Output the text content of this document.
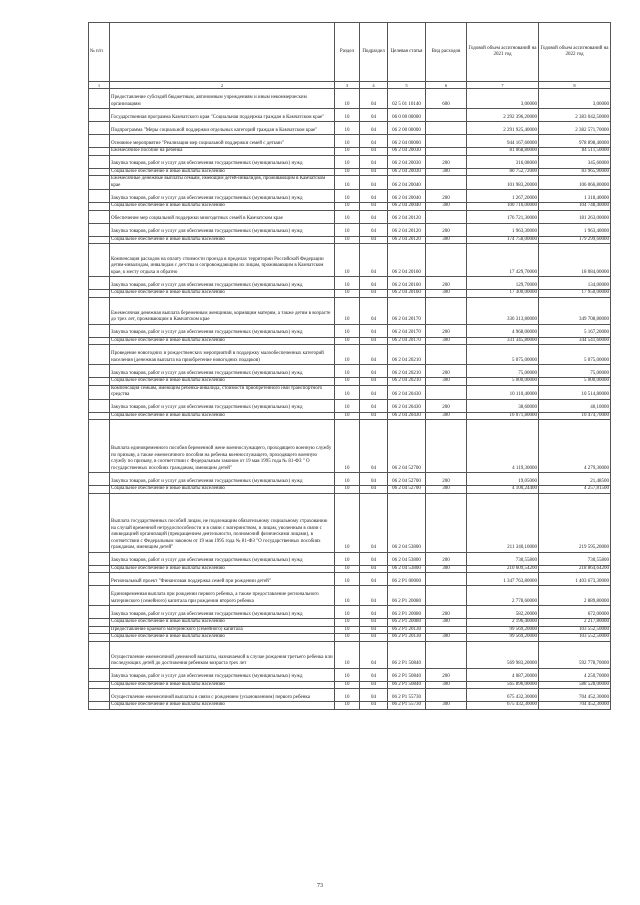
№ п/п		Раздел	Подраздел	Целевая статья	Вид расходов	Годовой объем ассигнований на 2021 год	Годовой объем ассигнований на 2022 год
1	2	3	4	5	6	7	8
	Предоставление субсидий бюджетным, автономным учреждениям и иным некоммерческим организациям	10	04	02 5 01 10140	600	3,06000	3,06000
	Государственная программа Камчатского края "Социальная поддержка граждан в Камчатском крае"	10	04	06 0 00 00000		2 292 396,20000	2 383 042,50000
	Подпрограмма "Меры социальной поддержки отдельных категорий граждан в Камчатском крае"	10	04	06 2 00 00000		2 291 925,40000	2 382 571,70000
	Основное мероприятие "Реализация мер социальной поддержки семей с детьми"	10	04	06 2 04 00000		944 167,60000	978 898,40000
	Ежемесячное пособие на ребенка	10	04	06 2 04 20030		81 068,80000	84 511,50000
	Закупка товаров, работ и услуг для обеспечения государственных (муниципальных) нужд	10	04	06 2 04 20030	200	316,08000	345,60000
	Социальное обеспечение и иные выплаты населению	10	04	06 2 04 20030	300	80 752,72000	83 965,90000
	Ежемесячные денежные выплаты семьям, имеющим детей-инвалидов, проживающим в Камчатском крае	10	04	06 2 04 20040		101 983,20000	106 066,80000
	Закупка товаров, работ и услуг для обеспечения государственных (муниципальных) нужд	10	04	06 2 04 20040	200	1 267,20000	1 318,40000
	Социальное обеспечение и иные выплаты населению	10	04	06 2 04 20040	300	100 716,00000	104 748,40000
	Обеспечение мер социальной поддержки многодетных семей в Камчатском крае	10	04	06 2 04 20120		176 721,30000	181 263,00000
	Закупка товаров, работ и услуг для обеспечения государственных (муниципальных) нужд	10	04	06 2 04 20120	200	1 963,30000	1 963,40000
	Социальное обеспечение и иные выплаты населению	10	04	06 2 04 20120	300	174 758,00000	179 299,60000
	Компенсация расходов на оплату стоимости проезда в пределах территории Российской Федерации детям-инвалидам, инвалидам с детства и сопровождающим их лицам, проживающим в Камчатском крае, к месту отдыха и обратно	10	04	06 2 04 20160		17 429,70000	18 084,00000
	Закупка товаров, работ и услуг для обеспечения государственных (муниципальных) нужд	10	04	06 2 04 20160	200	129,70000	134,00000
	Социальное обеспечение и иные выплаты населению	10	04	06 2 04 20160	300	17 300,00000	17 950,00000
	Ежемесячная денежная выплата беременным женщинам, кормящим матерям, а также детям в возрасте до трех лет, проживающим в Камчатском крае	10	04	06 2 04 20170		336 313,80000	349 708,80000
	Закупка товаров, работ и услуг для обеспечения государственных (муниципальных) нужд	10	04	06 2 04 20170	200	4 968,00000	5 167,20000
	Социальное обеспечение и иные выплаты населению	10	04	06 2 04 20170	300	331 345,80000	344 541,60000
	Проведение новогодних и рождественских мероприятий в поддержку малообеспеченных категорий населения (денежная выплата на приобретение новогодних подарков)	10	04	06 2 04 20210		5 075,00000	5 075,00000
	Закупка товаров, работ и услуг для обеспечения государственных (муниципальных) нужд	10	04	06 2 04 20210	200	75,00000	75,00000
	Социальное обеспечение и иные выплаты населению	10	04	06 2 04 20210	300	5 000,00000	5 000,00000
	Компенсация семьям, имеющим ребенка-инвалида, стоимости приобретенного ими транспортного средства	10	04	06 2 04 20430		10 110,40000	10 514,80000
	Закупка товаров, работ и услуг для обеспечения государственных (муниципальных) нужд	10	04	06 2 04 20430	200	38,60000	40,10000
	Социальное обеспечение и иные выплаты населению	10	04	06 2 04 20430	300	10 071,80000	10 474,70000
	Выплата единовременного пособия беременной жене военнослужащего, проходящего военную службу по призыву, а также ежемесячного пособия на ребенка военнослужащего, проходящего военную службу по призыву, в соответствии с Федеральным законом от 19 мая 1995 года № 81-ФЗ " О государственных пособиях гражданам, имеющим детей"	10	04	06 2 04 52700		4 119,30000	4 279,30000
	Закупка товаров, работ и услуг для обеспечения государственных (муниципальных) нужд	10	04	06 2 04 52700	200	19,05000	21,48500
	Социальное обеспечение и иные выплаты населению	10	04	06 2 04 52700	300	4 100,24400	4 257,81500
	Выплата государственных пособий лицам, не подлежащим обязательному социальному страхованию на случай временной нетрудоспособности и в связи с материнством, и лицам, уволенным в связи с ликвидацией организаций (прекращением деятельности, полномочий физическими лицами), в соответствии с Федеральным законом от 19 мая 1995 года № 81-ФЗ "О государственных пособиях гражданам, имеющим детей"	10	04	06 2 04 53800		211 340,10000	219 595,20000
	Закупка товаров, работ и услуг для обеспечения государственных (муниципальных) нужд	10	04	06 2 04 53800	200	730,55800	730,55800
	Социальное обеспечение и иные выплаты населению	10	04	06 2 04 53800	300	210 609,54200	218 864,64200
	Региональный проект "Финансовая поддержка семей при рождении детей"	10	04	06 2 P1 00000		1 347 763,80000	1 403 673,30000
	Единовременная выплата при рождении первого ребенка, а также предоставление регионального материнского (семейного) капитала при рождении второго ребенка	10	04	06 2 P1 20080		2 778,60000	2 889,80000
	Закупка товаров, работ и услуг для обеспечения государственных (муниципальных) нужд	10	04	06 2 P1 20080	200	582,20000	672,00000
	Социальное обеспечение и иные выплаты населению	10	04	06 2 P1 20080	300	2 196,40000	2 217,80000
	Предоставление краевого материнского (семейного) капитала	10	04	06 2 P1 20130		99 569,20000	103 552,50000
	Социальное обеспечение и иные выплаты населению	10	04	06 2 P1 20130	300	99 569,20000	103 552,50000
	Осуществление ежемесячной денежной выплаты, назначаемой в случае рождения третьего ребенка или последующих детей до достижения ребенком возраста трех лет	10	04	06 2 P1 50840		569 983,20000	592 778,70000
	Закупка товаров, работ и услуг для обеспечения государственных (муниципальных) нужд	10	04	06 2 P1 50840	200	4 087,20000	4 250,70000
	Социальное обеспечение и иные выплаты населению	10	04	06 2 P1 50840	300	565 896,00000	588 528,00000
	Осуществление ежемесячной выплаты в связи с рождением (усыновлением) первого ребенка	10	04	06 2 P1 55730		675 432,30000	704 452,30000
	Социальное обеспечение и иные выплаты населению	10	04	06 2 P1 55730	300	675 432,30000	704 452,30000
73
